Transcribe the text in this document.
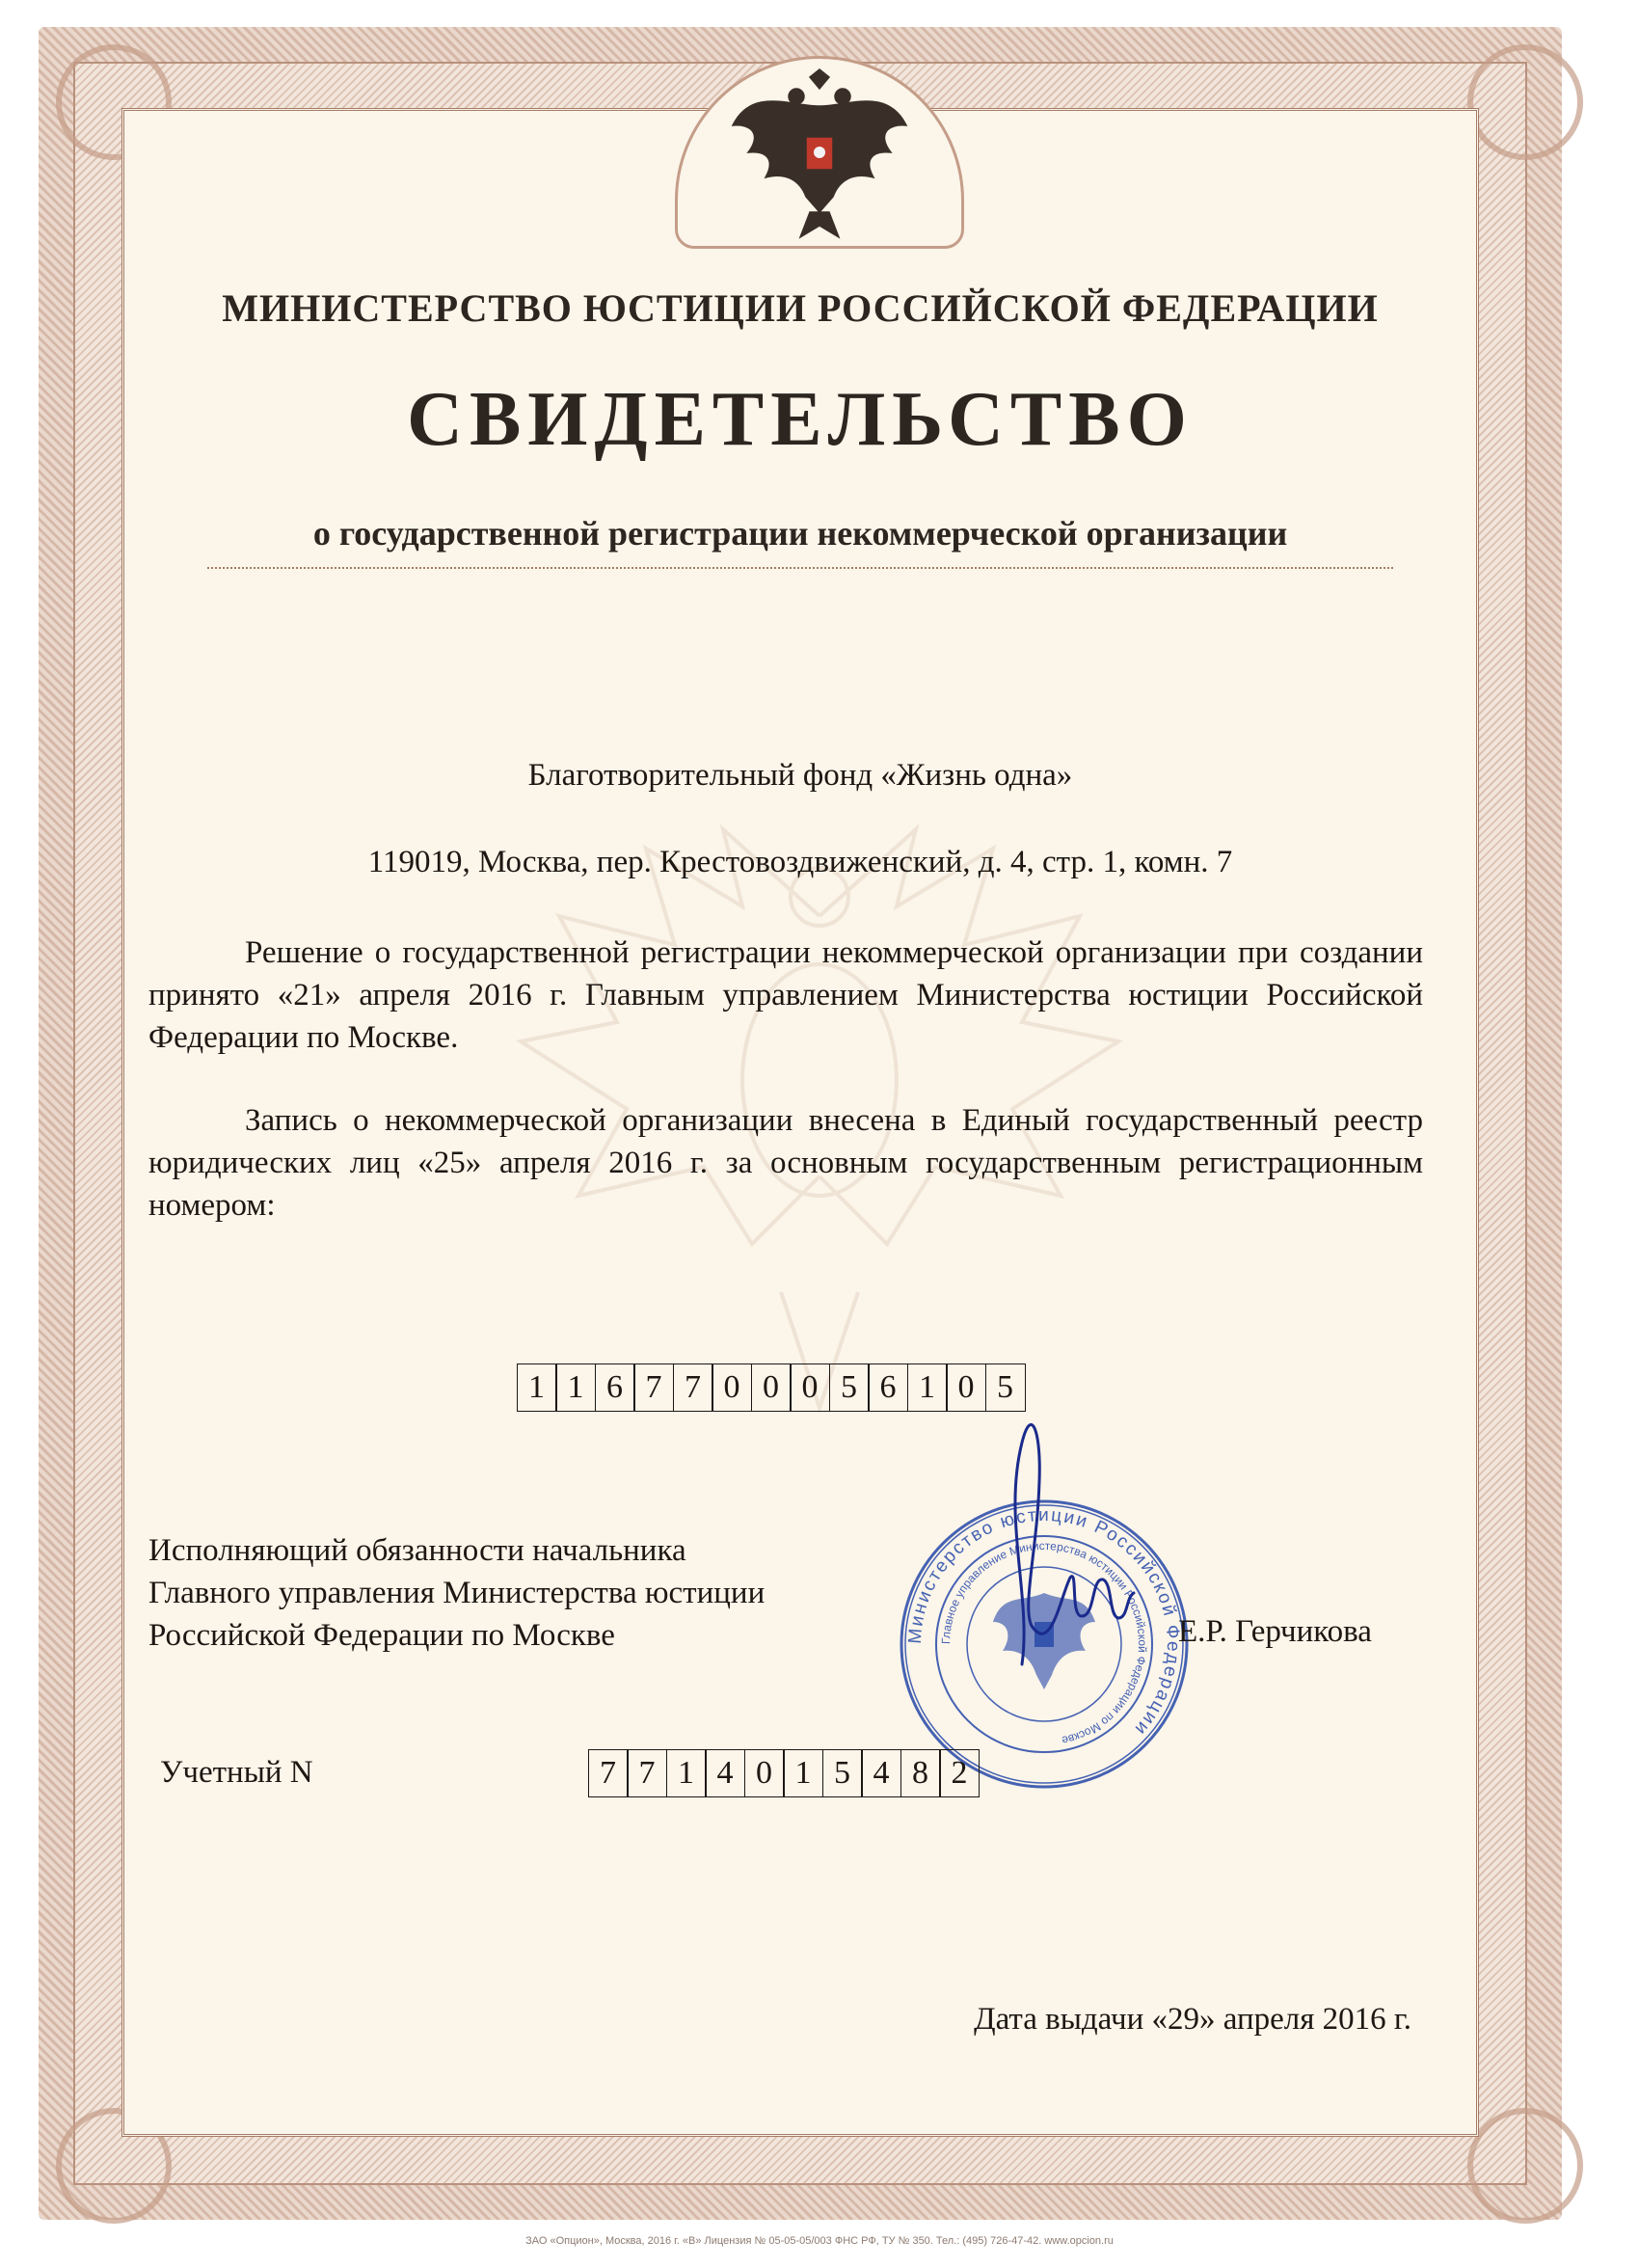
МИНИСТЕРСТВО ЮСТИЦИИ РОССИЙСКОЙ ФЕДЕРАЦИИ
СВИДЕТЕЛЬСТВО
о государственной регистрации некоммерческой организации
Благотворительный фонд «Жизнь одна»
119019, Москва, пер. Крестовоздвиженский, д. 4, стр. 1, комн. 7

Решение о государственной регистрации некоммерческой организации при создании принято «21» апреля 2016 г. Главным управлением Министерства юстиции Российской Федерации по Москве.

Запись о некоммерческой организации внесена в Единый государственный реестр юридических лиц «25» апреля 2016 г. за основным государственным регистрационным номером:

1 1 6 7 7 0 0 0 5 6 1 0 5
Исполняющий обязанности начальника
Главного управления Министерства юстиции
Российской Федерации по Москве	Министерство юстиции Российской Федерации
Главное управление Министерства юстиции Российской Федерации по Москве
Е.Р. Герчикова
Учетный N	7 7 1 4 0 1 5 4 8 2
Дата выдачи «29» апреля 2016 г.
ЗАО «Опцион», Москва, 2016 г. «В» Лицензия № 05-05-05/003 ФНС РФ, ТУ № 350. Тел.: (495) 726-47-42. www.opcion.ru
